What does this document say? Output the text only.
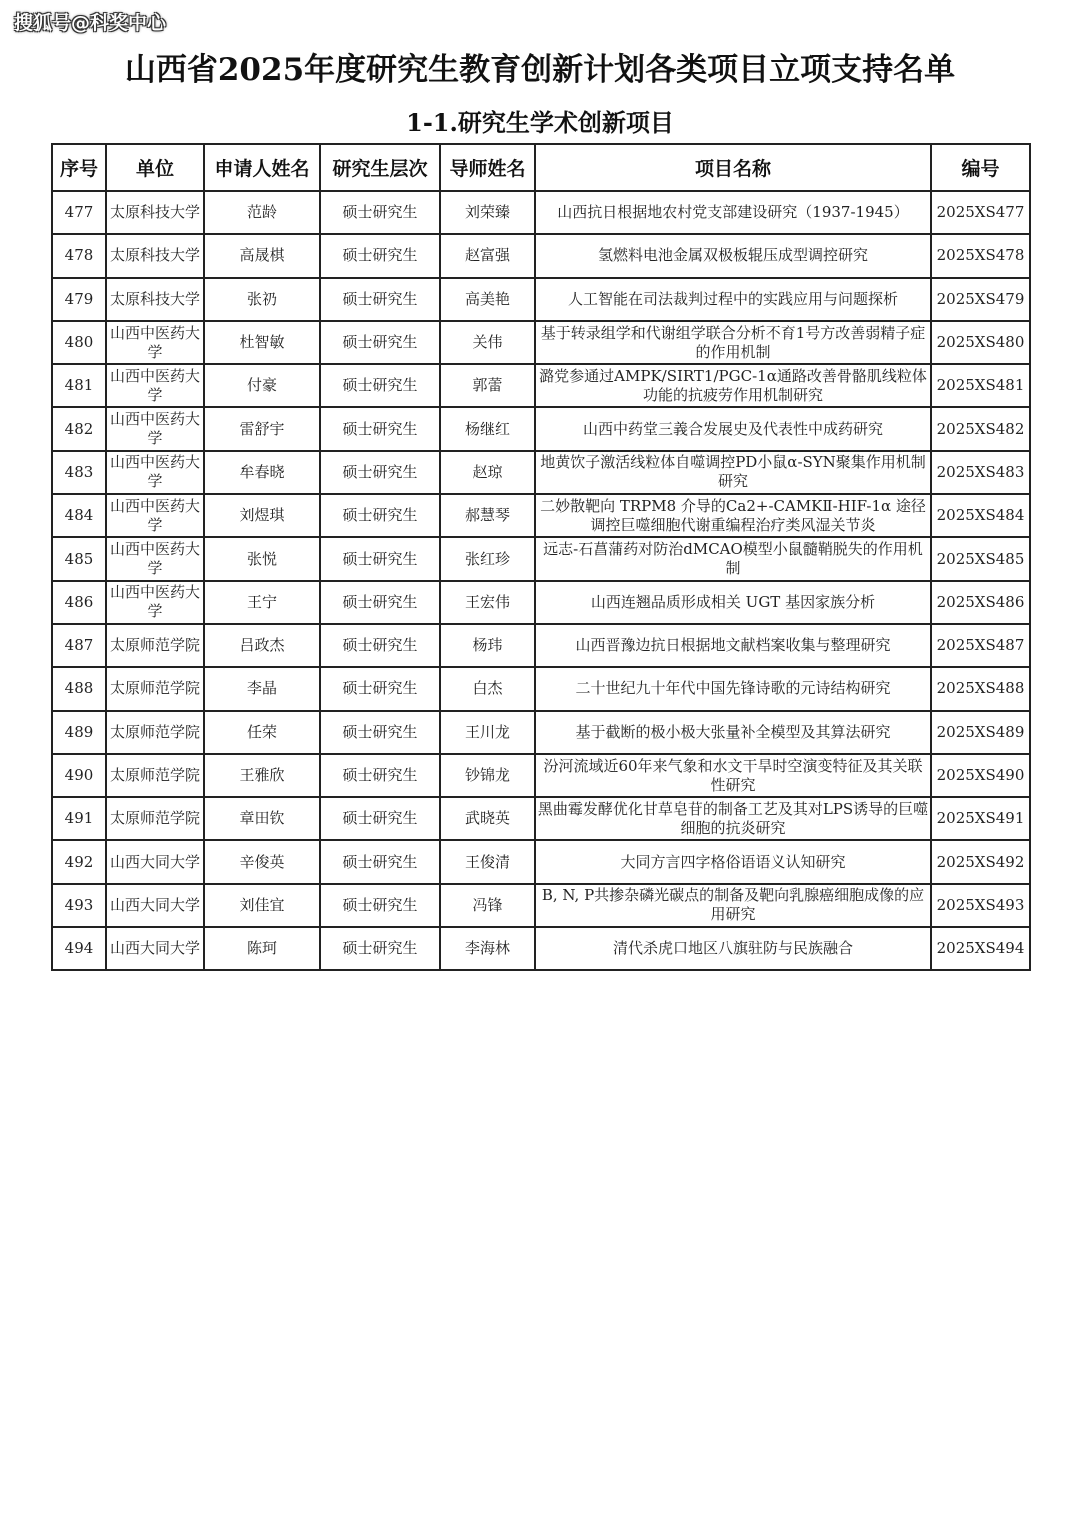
搜狐号@科奖中心
山西省2025年度研究生教育创新计划各类项目立项支持名单
1-1.研究生学术创新项目
序号	单位	申请人姓名	研究生层次	导师姓名	项目名称	编号
477	太原科技大学	范龄	硕士研究生	刘荣臻	山西抗日根据地农村党支部建设研究（1937-1945）	2025XS477
478	太原科技大学	高晟棋	硕士研究生	赵富强	氢燃料电池金属双极板辊压成型调控研究	2025XS478
479	太原科技大学	张礽	硕士研究生	高美艳	人工智能在司法裁判过程中的实践应用与问题探析	2025XS479
480	山西中医药大学	杜智敏	硕士研究生	关伟	基于转录组学和代谢组学联合分析不育1号方改善弱精子症的作用机制	2025XS480
481	山西中医药大学	付豪	硕士研究生	郭蕾	潞党参通过AMPK/SIRT1/PGC-1α通路改善骨骼肌线粒体功能的抗疲劳作用机制研究	2025XS481
482	山西中医药大学	雷舒宇	硕士研究生	杨继红	山西中药堂三義合发展史及代表性中成药研究	2025XS482
483	山西中医药大学	牟春晓	硕士研究生	赵琼	地黄饮子激活线粒体自噬调控PD小鼠α-SYN聚集作用机制研究	2025XS483
484	山西中医药大学	刘煜琪	硕士研究生	郝慧琴	二妙散靶向 TRPM8 介导的Ca2+-CAMKⅡ-HIF-1α 途径调控巨噬细胞代谢重编程治疗类风湿关节炎	2025XS484
485	山西中医药大学	张悦	硕士研究生	张红珍	远志-石菖蒲药对防治dMCAO模型小鼠髓鞘脱失的作用机制	2025XS485
486	山西中医药大学	王宁	硕士研究生	王宏伟	山西连翘品质形成相关 UGT 基因家族分析	2025XS486
487	太原师范学院	吕政杰	硕士研究生	杨玮	山西晋豫边抗日根据地文献档案收集与整理研究	2025XS487
488	太原师范学院	李晶	硕士研究生	白杰	二十世纪九十年代中国先锋诗歌的元诗结构研究	2025XS488
489	太原师范学院	任荣	硕士研究生	王川龙	基于截断的极小极大张量补全模型及其算法研究	2025XS489
490	太原师范学院	王雅欣	硕士研究生	钞锦龙	汾河流域近60年来气象和水文干旱时空演变特征及其关联性研究	2025XS490
491	太原师范学院	章田钦	硕士研究生	武晓英	黑曲霉发酵优化甘草皂苷的制备工艺及其对LPS诱导的巨噬细胞的抗炎研究	2025XS491
492	山西大同大学	辛俊英	硕士研究生	王俊清	大同方言四字格俗语语义认知研究	2025XS492
493	山西大同大学	刘佳宜	硕士研究生	冯锋	B, N, P共掺杂磷光碳点的制备及靶向乳腺癌细胞成像的应用研究	2025XS493
494	山西大同大学	陈珂	硕士研究生	李海林	清代杀虎口地区八旗驻防与民族融合	2025XS494
